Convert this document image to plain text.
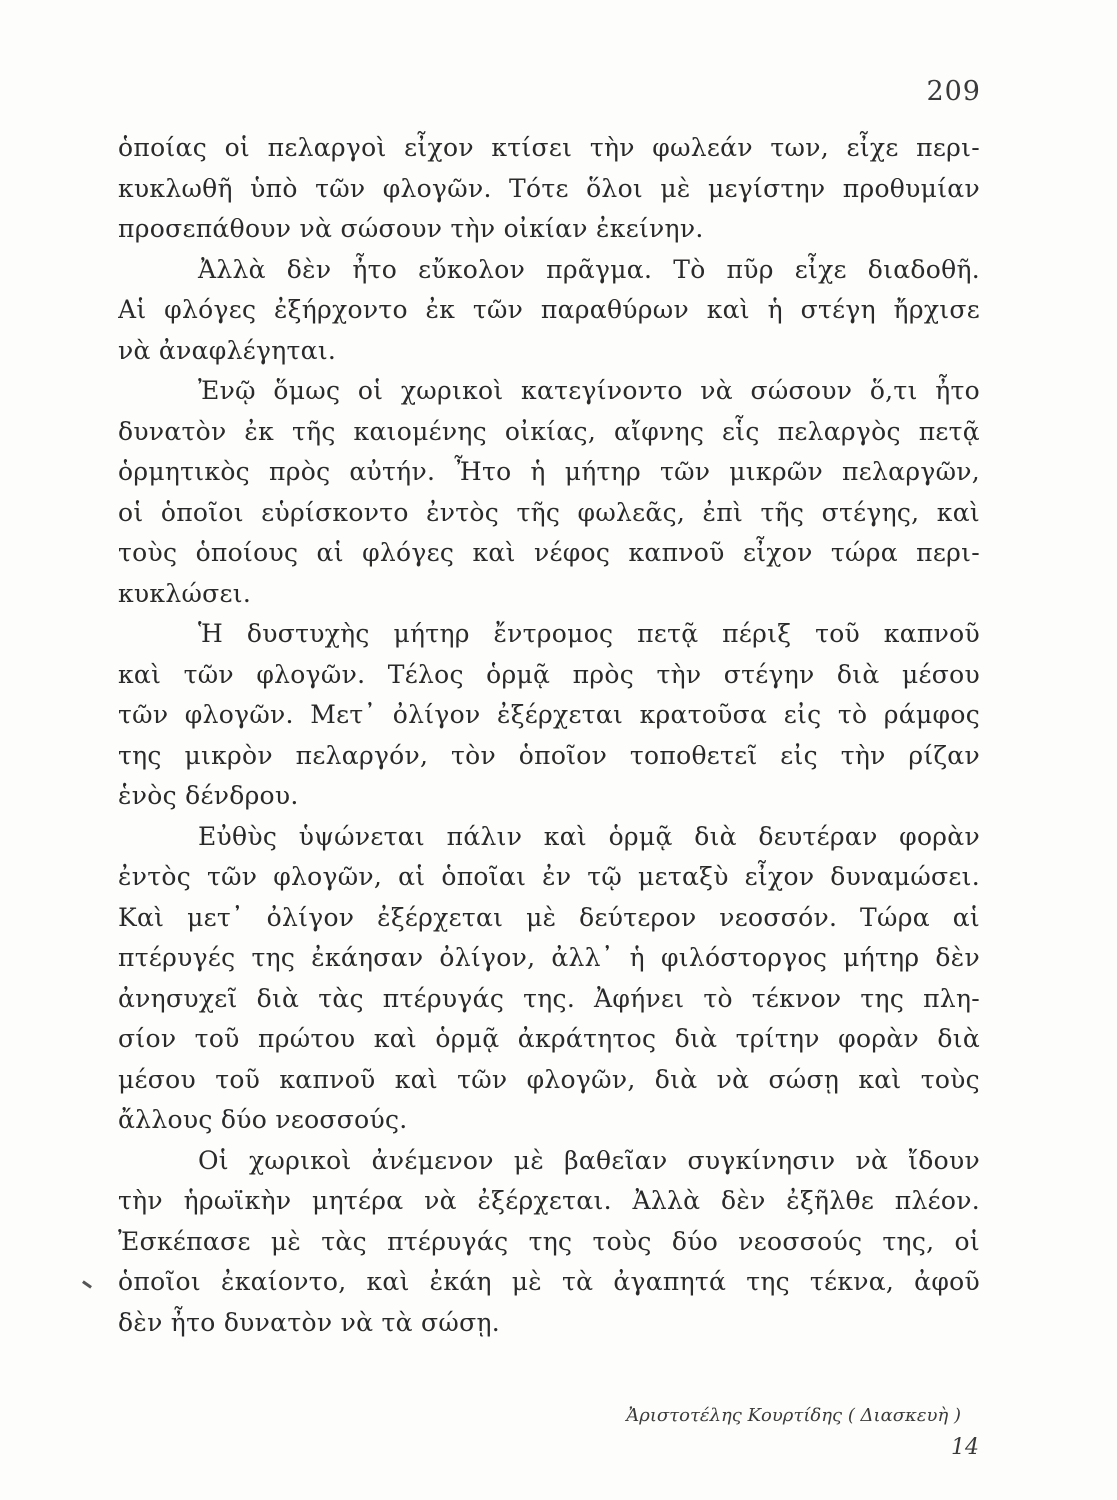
209
ὁποίας οἱ πελαργοὶ εἶχον κτίσει τὴν φωλεάν των, εἶχε περι-
κυκλωθῆ ὑπὸ τῶν φλογῶν. Τότε ὅλοι μὲ μεγίστην προθυμίαν
προσεπάθουν νὰ σώσουν τὴν οἰκίαν ἐκείνην.
Ἀλλὰ δὲν ἦτο εὔκολον πρᾶγμα. Τὸ πῦρ εἶχε διαδοθῆ.
Αἱ φλόγες ἐξήρχοντο ἐκ τῶν παραθύρων καὶ ἡ στέγη ἤρχισε
νὰ ἀναφλέγηται.
Ἐνῷ ὅμως οἱ χωρικοὶ κατεγίνοντο νὰ σώσουν ὅ,τι ἦτο
δυνατὸν ἐκ τῆς καιομένης οἰκίας, αἴφνης εἷς πελαργὸς πετᾷ
ὁρμητικὸς πρὸς αὐτήν. Ἦτο ἡ μήτηρ τῶν μικρῶν πελαργῶν,
οἱ ὁποῖοι εὑρίσκοντο ἐντὸς τῆς φωλεᾶς, ἐπὶ τῆς στέγης, καὶ
τοὺς ὁποίους αἱ φλόγες καὶ νέφος καπνοῦ εἶχον τώρα περι-
κυκλώσει.
Ἡ δυστυχὴς μήτηρ ἔντρομος πετᾷ πέριξ τοῦ καπνοῦ
καὶ τῶν φλογῶν. Τέλος ὁρμᾷ πρὸς τὴν στέγην διὰ μέσου
τῶν φλογῶν. Μετ᾽ ὀλίγον ἐξέρχεται κρατοῦσα εἰς τὸ ράμφος
της μικρὸν πελαργόν, τὸν ὁποῖον τοποθετεῖ εἰς τὴν ρίζαν
ἑνὸς δένδρου.
Εὐθὺς ὑψώνεται πάλιν καὶ ὁρμᾷ διὰ δευτέραν φορὰν
ἐντὸς τῶν φλογῶν, αἱ ὁποῖαι ἐν τῷ μεταξὺ εἶχον δυναμώσει.
Καὶ μετ᾽ ὀλίγον ἐξέρχεται μὲ δεύτερον νεοσσόν. Τώρα αἱ
πτέρυγές της ἐκάησαν ὀλίγον, ἀλλ᾽ ἡ φιλόστοργος μήτηρ δὲν
ἀνησυχεῖ διὰ τὰς πτέρυγάς της. Ἀφήνει τὸ τέκνον της πλη-
σίον τοῦ πρώτου καὶ ὁρμᾷ ἀκράτητος διὰ τρίτην φορὰν διὰ
μέσου τοῦ καπνοῦ καὶ τῶν φλογῶν, διὰ νὰ σώσῃ καὶ τοὺς
ἄλλους δύο νεοσσούς.
Οἱ χωρικοὶ ἀνέμενον μὲ βαθεῖαν συγκίνησιν νὰ ἴδουν
τὴν ἡρωϊκὴν μητέρα νὰ ἐξέρχεται. Ἀλλὰ δὲν ἐξῆλθε πλέον.
Ἐσκέπασε μὲ τὰς πτέρυγάς της τοὺς δύο νεοσσούς της, οἱ
ὁποῖοι ἐκαίοντο, καὶ ἐκάη μὲ τὰ ἀγαπητά της τέκνα, ἀφοῦ
δὲν ἦτο δυνατὸν νὰ τὰ σώσῃ.
Ἀριστοτέλης Κουρτίδης ( Διασκευὴ )
14
